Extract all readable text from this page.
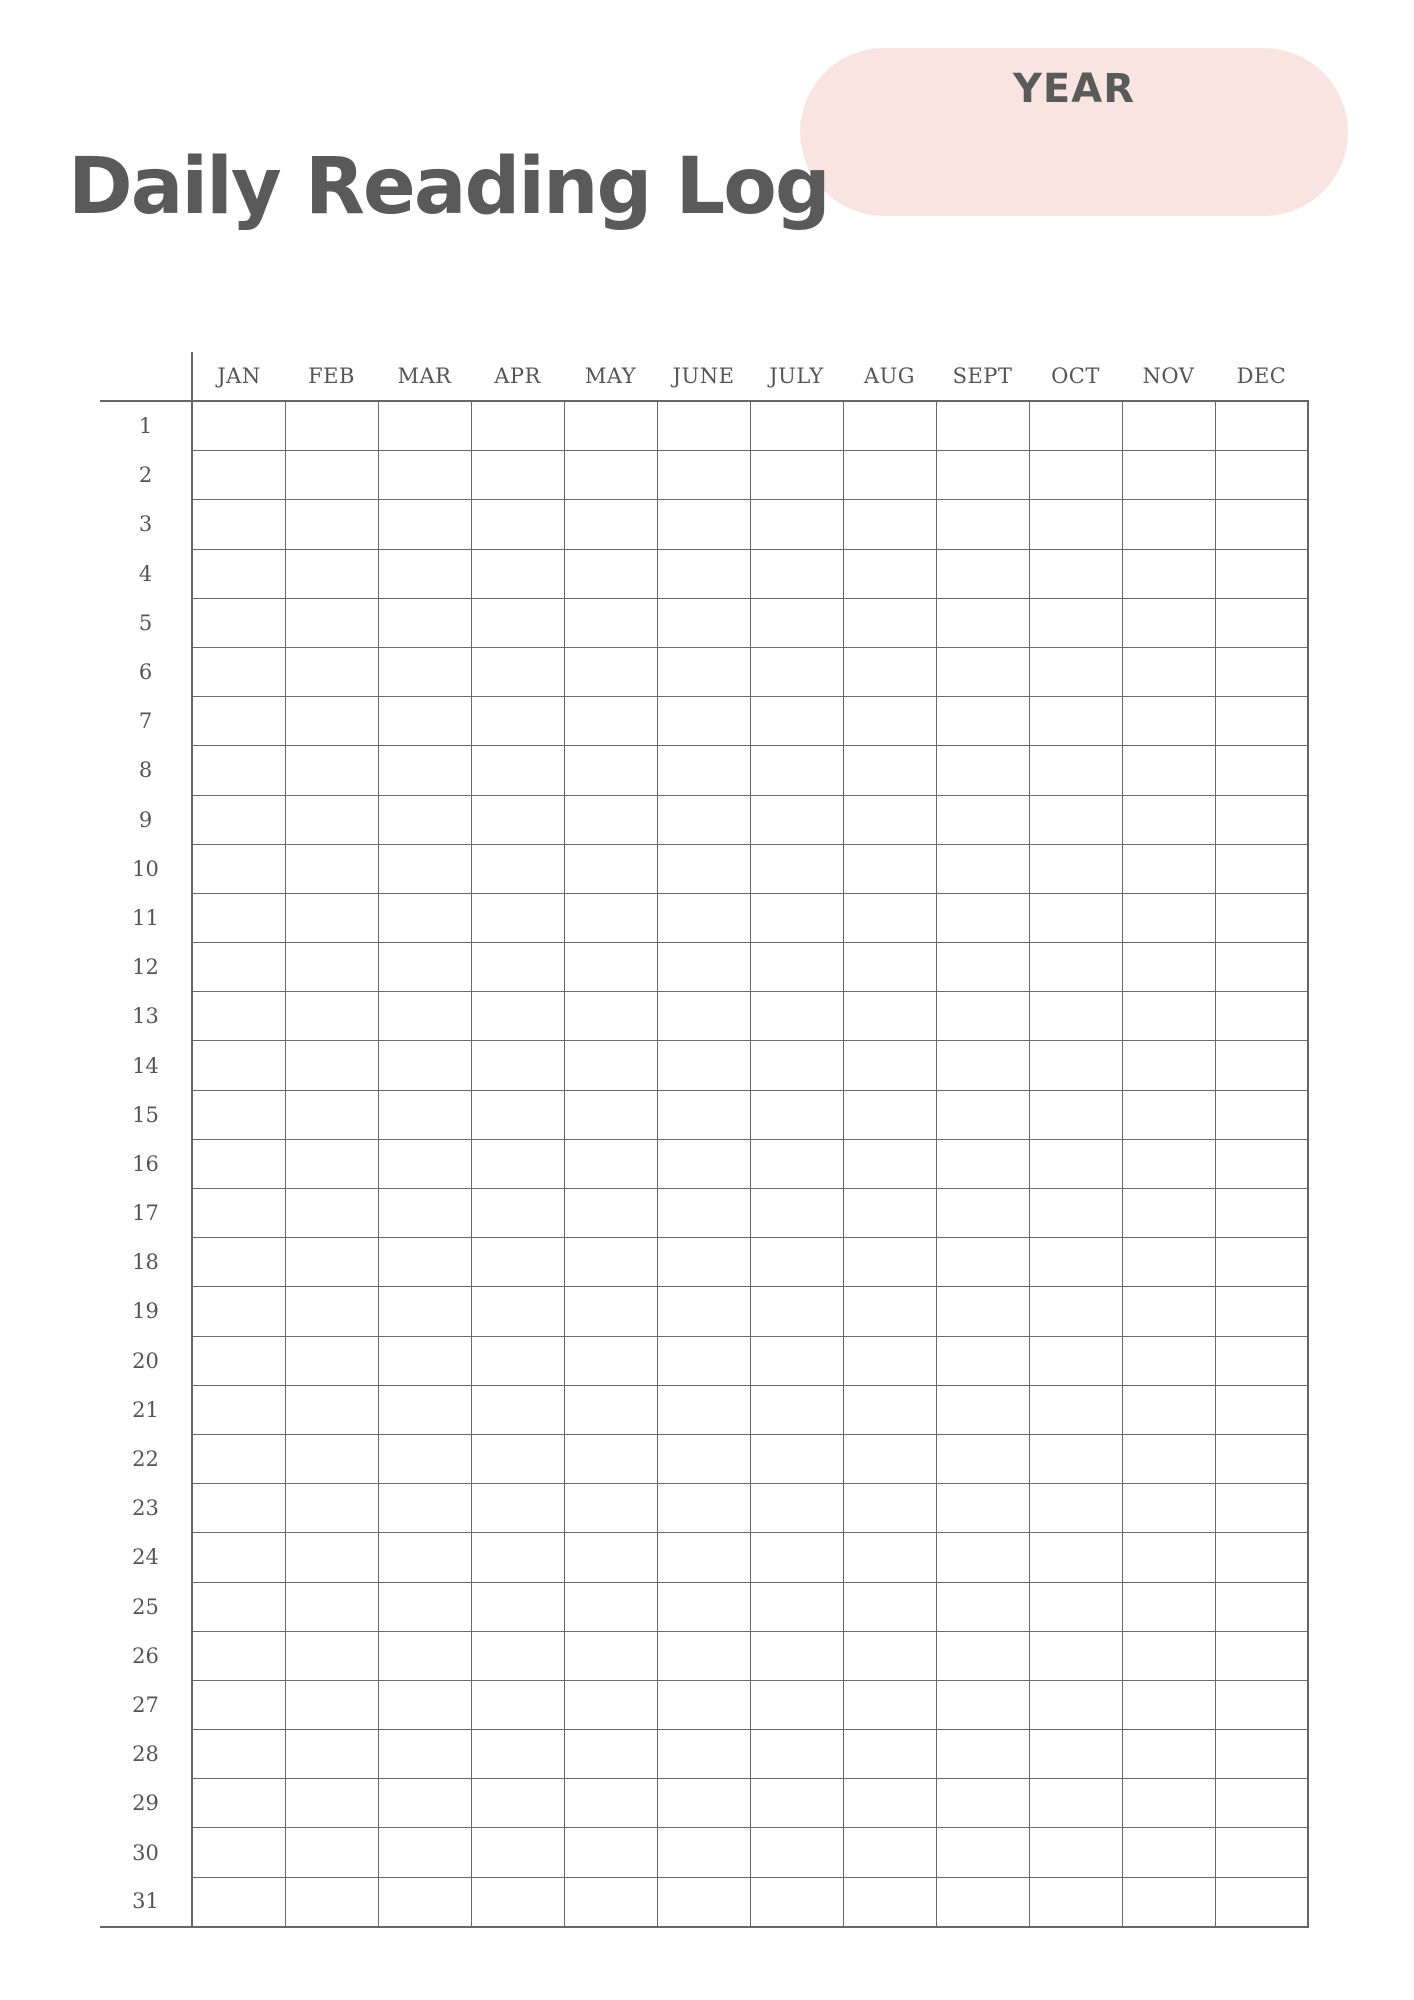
YEAR
Daily Reading Log
	JAN	FEB	MAR	APR	MAY	JUNE	JULY	AUG	SEPT	OCT	NOV	DEC
1												
2												
3												
4												
5												
6												
7												
8												
9												
10												
11												
12												
13												
14												
15												
16												
17												
18												
19												
20												
21												
22												
23												
24												
25												
26												
27												
28												
29												
30												
31												
